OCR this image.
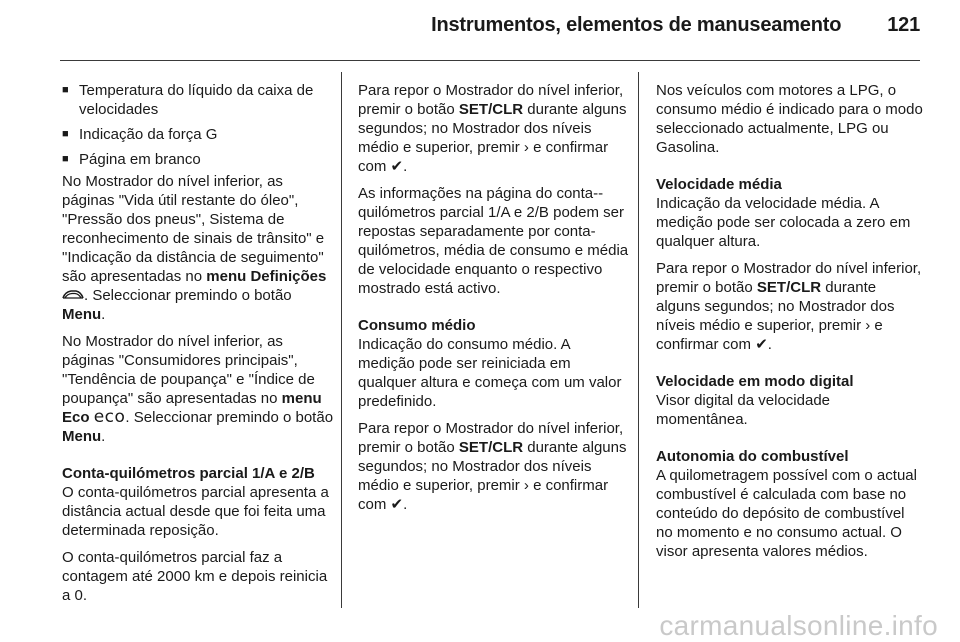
Instrumentos, elementos de manuseamento 121
■ Temperatura do líquido da caixa de velocidades
■ Indicação da força G
■ Página em branco

No Mostrador do nível inferior, as páginas "Vida útil restante do óleo", "Pressão dos pneus", Sistema de reconhecimento de sinais de trânsito" e "Indicação da distância de seguimento" são apresentadas no menu Definições . Seleccionar premindo o botão Menu.

No Mostrador do nível inferior, as páginas "Consumidores principais", "Tendência de poupança" e "Índice de poupança" são apresentadas no menu Eco eco. Seleccionar premindo o botão Menu.

Conta-quilómetros parcial 1/A e 2/B

O conta-quilómetros parcial apresenta a distância actual desde que foi feita uma determinada reposição.

O conta-quilómetros parcial faz a contagem até 2000 km e depois reinicia a 0.

Para repor o Mostrador do nível inferior, premir o botão SET/CLR durante alguns segundos; no Mostrador dos níveis médio e superior, premir › e confirmar com ✔.

As informações na página do conta--quilómetros parcial 1/A e 2/B podem ser repostas separadamente por conta-quilómetros, média de consumo e média de velocidade enquanto o respectivo mostrado está activo.

Consumo médio

Indicação do consumo médio. A medição pode ser reiniciada em qualquer altura e começa com um valor predefinido.

Para repor o Mostrador do nível inferior, premir o botão SET/CLR durante alguns segundos; no Mostrador dos níveis médio e superior, premir › e confirmar com ✔.

Nos veículos com motores a LPG, o consumo médio é indicado para o modo seleccionado actualmente, LPG ou Gasolina.

Velocidade média

Indicação da velocidade média. A medição pode ser colocada a zero em qualquer altura.

Para repor o Mostrador do nível inferior, premir o botão SET/CLR durante alguns segundos; no Mostrador dos níveis médio e superior, premir › e confirmar com ✔.

Velocidade em modo digital

Visor digital da velocidade momentânea.

Autonomia do combustível

A quilometragem possível com o actual combustível é calculada com base no conteúdo do depósito de combustível no momento e no consumo actual. O visor apresenta valores médios.

carmanualsonline.info
